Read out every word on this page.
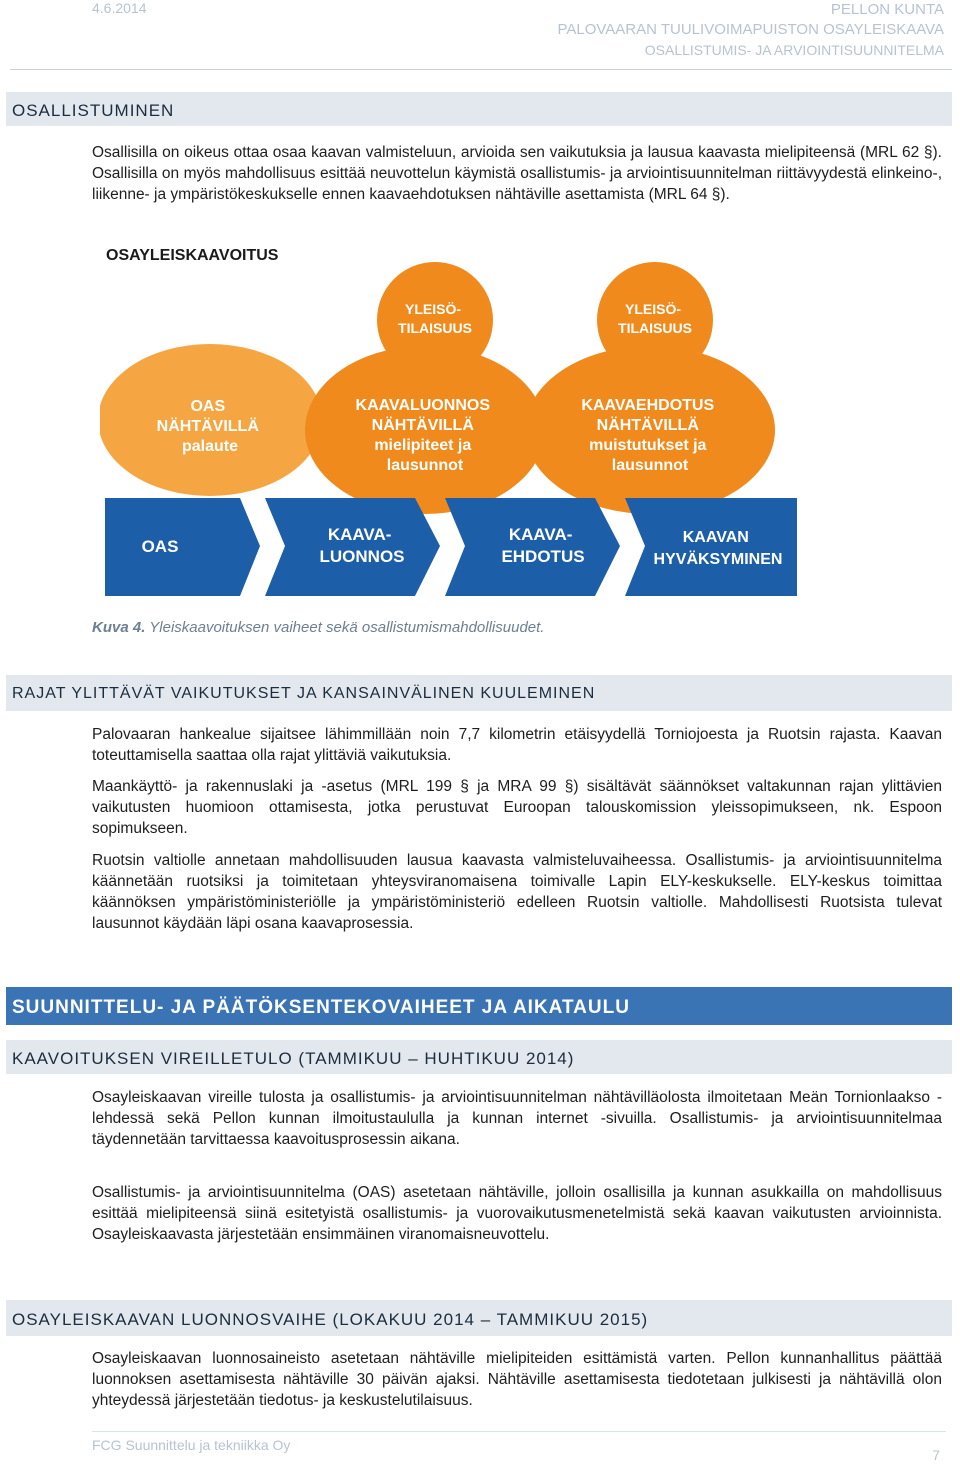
4.6.2014	PELLON KUNTA
PALOVAARAN TUULIVOIMAPUISTON OSAYLEISKAAVA
OSALLISTUMIS- JA ARVIOINTISUUNNITELMA
OSALLISTUMINEN

Osallisilla on oikeus ottaa osaa kaavan valmisteluun, arvioida sen vaikutuksia ja lausua kaavasta mielipiteensä (MRL 62 §). Osallisilla on myös mahdollisuus esittää neuvottelun käymistä osallistumis- ja arviointisuunnitelman riittävyydestä elinkeino-, liikenne- ja ympäristökeskukselle ennen kaavaehdotuksen nähtäville asettamista (MRL 64 §).

OSAYLEISKAAVOITUS
YLEISÖ- TILAISUUS
YLEISÖ- TILAISUUS
OAS NÄHTÄVILLÄ palaute
KAAVALUONNOS NÄHTÄVILLÄ mielipiteet ja lausunnot
KAAVAEHDOTUS NÄHTÄVILLÄ muistutukset ja lausunnot
OAS
KAAVA- LUONNOS
KAAVA- EHDOTUS
KAAVAN HYVÄKSYMINEN
Kuva 4. Yleiskaavoituksen vaiheet sekä osallistumismahdollisuudet.
RAJAT YLITTÄVÄT VAIKUTUKSET JA KANSAINVÄLINEN KUULEMINEN

Palovaaran hankealue sijaitsee lähimmillään noin 7,7 kilometrin etäisyydellä Torniojoesta ja Ruotsin rajasta. Kaavan toteuttamisella saattaa olla rajat ylittäviä vaikutuksia.

Maankäyttö- ja rakennuslaki ja -asetus (MRL 199 § ja MRA 99 §) sisältävät säännökset valtakunnan rajan ylittävien vaikutusten huomioon ottamisesta, jotka perustuvat Euroopan talouskomission yleissopimukseen, nk. Espoon sopimukseen.

Ruotsin valtiolle annetaan mahdollisuuden lausua kaavasta valmisteluvaiheessa. Osallistumis- ja arviointisuunnitelma käännetään ruotsiksi ja toimitetaan yhteysviranomaisena toimivalle Lapin ELY-keskukselle. ELY-keskus toimittaa käännöksen ympäristöministeriölle ja ympäristöministeriö edelleen Ruotsin valtiolle. Mahdollisesti Ruotsista tulevat lausunnot käydään läpi osana kaavaprosessia.

SUUNNITTELU- JA PÄÄTÖKSENTEKOVAIHEET JA AIKATAULU
KAAVOITUKSEN VIREILLETULO (TAMMIKUU – HUHTIKUU 2014)

Osayleiskaavan vireille tulosta ja osallistumis- ja arviointisuunnitelman nähtävilläolosta ilmoitetaan Meän Tornionlaakso -lehdessä sekä Pellon kunnan ilmoitustaululla ja kunnan internet -sivuilla. Osallistumis- ja arviointisuunnitelmaa täydennetään tarvittaessa kaavoitusprosessin aikana.

Osallistumis- ja arviointisuunnitelma (OAS) asetetaan nähtäville, jolloin osallisilla ja kunnan asukkailla on mahdollisuus esittää mielipiteensä siinä esitetyistä osallistumis- ja vuorovaikutusmenetelmistä sekä kaavan vaikutusten arvioinnista. Osayleiskaavasta järjestetään ensimmäinen viranomaisneuvottelu.

OSAYLEISKAAVAN LUONNOSVAIHE (LOKAKUU 2014 – TAMMIKUU 2015)

Osayleiskaavan luonnosaineisto asetetaan nähtäville mielipiteiden esittämistä varten. Pellon kunnanhallitus päättää luonnoksen asettamisesta nähtäville 30 päivän ajaksi. Nähtäville asettamisesta tiedotetaan julkisesti ja nähtävillä olon yhteydessä järjestetään tiedotus- ja keskustelutilaisuus.

FCG Suunnittelu ja tekniikka Oy
7
